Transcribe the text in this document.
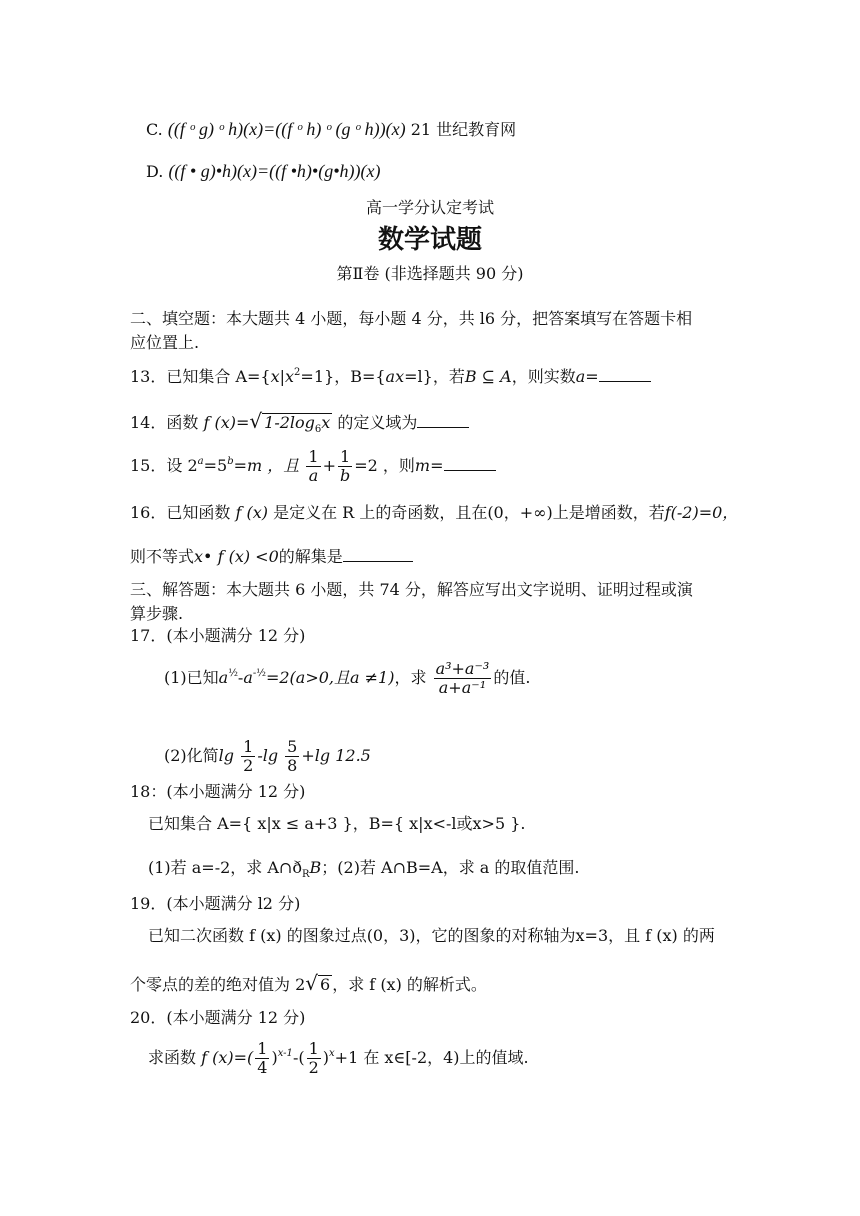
C. ((f ᵒ g) ᵒ h)(x)=((f ᵒ h) ᵒ (g ᵒ h))(x) 21 世纪教育网
D. ((f • g)•h)(x)=((f •h)•(g•h))(x)
高一学分认定考试
数学试题
第Ⅱ卷 (非选择题共 90 分)
二、填空题：本大题共 4 小题，每小题 4 分，共 l6 分，把答案填写在答题卡相
应位置上.
13．已知集合 $A=\{x|x^2=1\}$，B={ax=l}，若B ⊆ A，则实数a=
14．函数 f (x)=√ $1-2\log_6x$ 的定义域为
15．设 $2^a=5^b=m$ ，且 $\frac{1}{a} + \frac{1}{b} =2$ ，则m=
16．已知函数 f (x) 是定义在 R 上的奇函数，且在(0，+∞)上是增函数，若f(-2)=0，
则不等式x• f (x) <0的解集是
三、解答题：本大题共 6 小题，共 74 分，解答应写出文字说明、证明过程或演
算步骤.
17．(本小题满分 12 分)
(1)已知$a^{\frac{1}{2}}-a^{-\frac{1}{2}}=2(a>0$,且a ≠1)，求 $\frac{\text{a³+a⁻³}}{\text{a+a⁻¹}}$ 的值.
(2)化简$\lg \frac{1}{2} -\lg \frac{5}{8} +\lg$ 12.5
18：(本小题满分 12 分)
已知集合 A={ x|x ≤ a+3 }，B={ x|x<-l或x>5 }.
(1)若 a=-2，求 $A\cap ð_RB$；(2)若 A∩B=A，求 a 的取值范围.
19．(本小题满分 l2 分)
已知二次函数 f (x) 的图象过点(0，3)，它的图象的对称轴为x=3，且 f (x) 的两
个零点的差的绝对值为 2√ 6 ，求 f (x) 的解析式。
20．(本小题满分 12 分)
求函数 f $(x)=( \frac{1}{4} )^{x-1}-( \frac{1}{2} )^x+1$ 在 x∈[-2，4)上的值域.
